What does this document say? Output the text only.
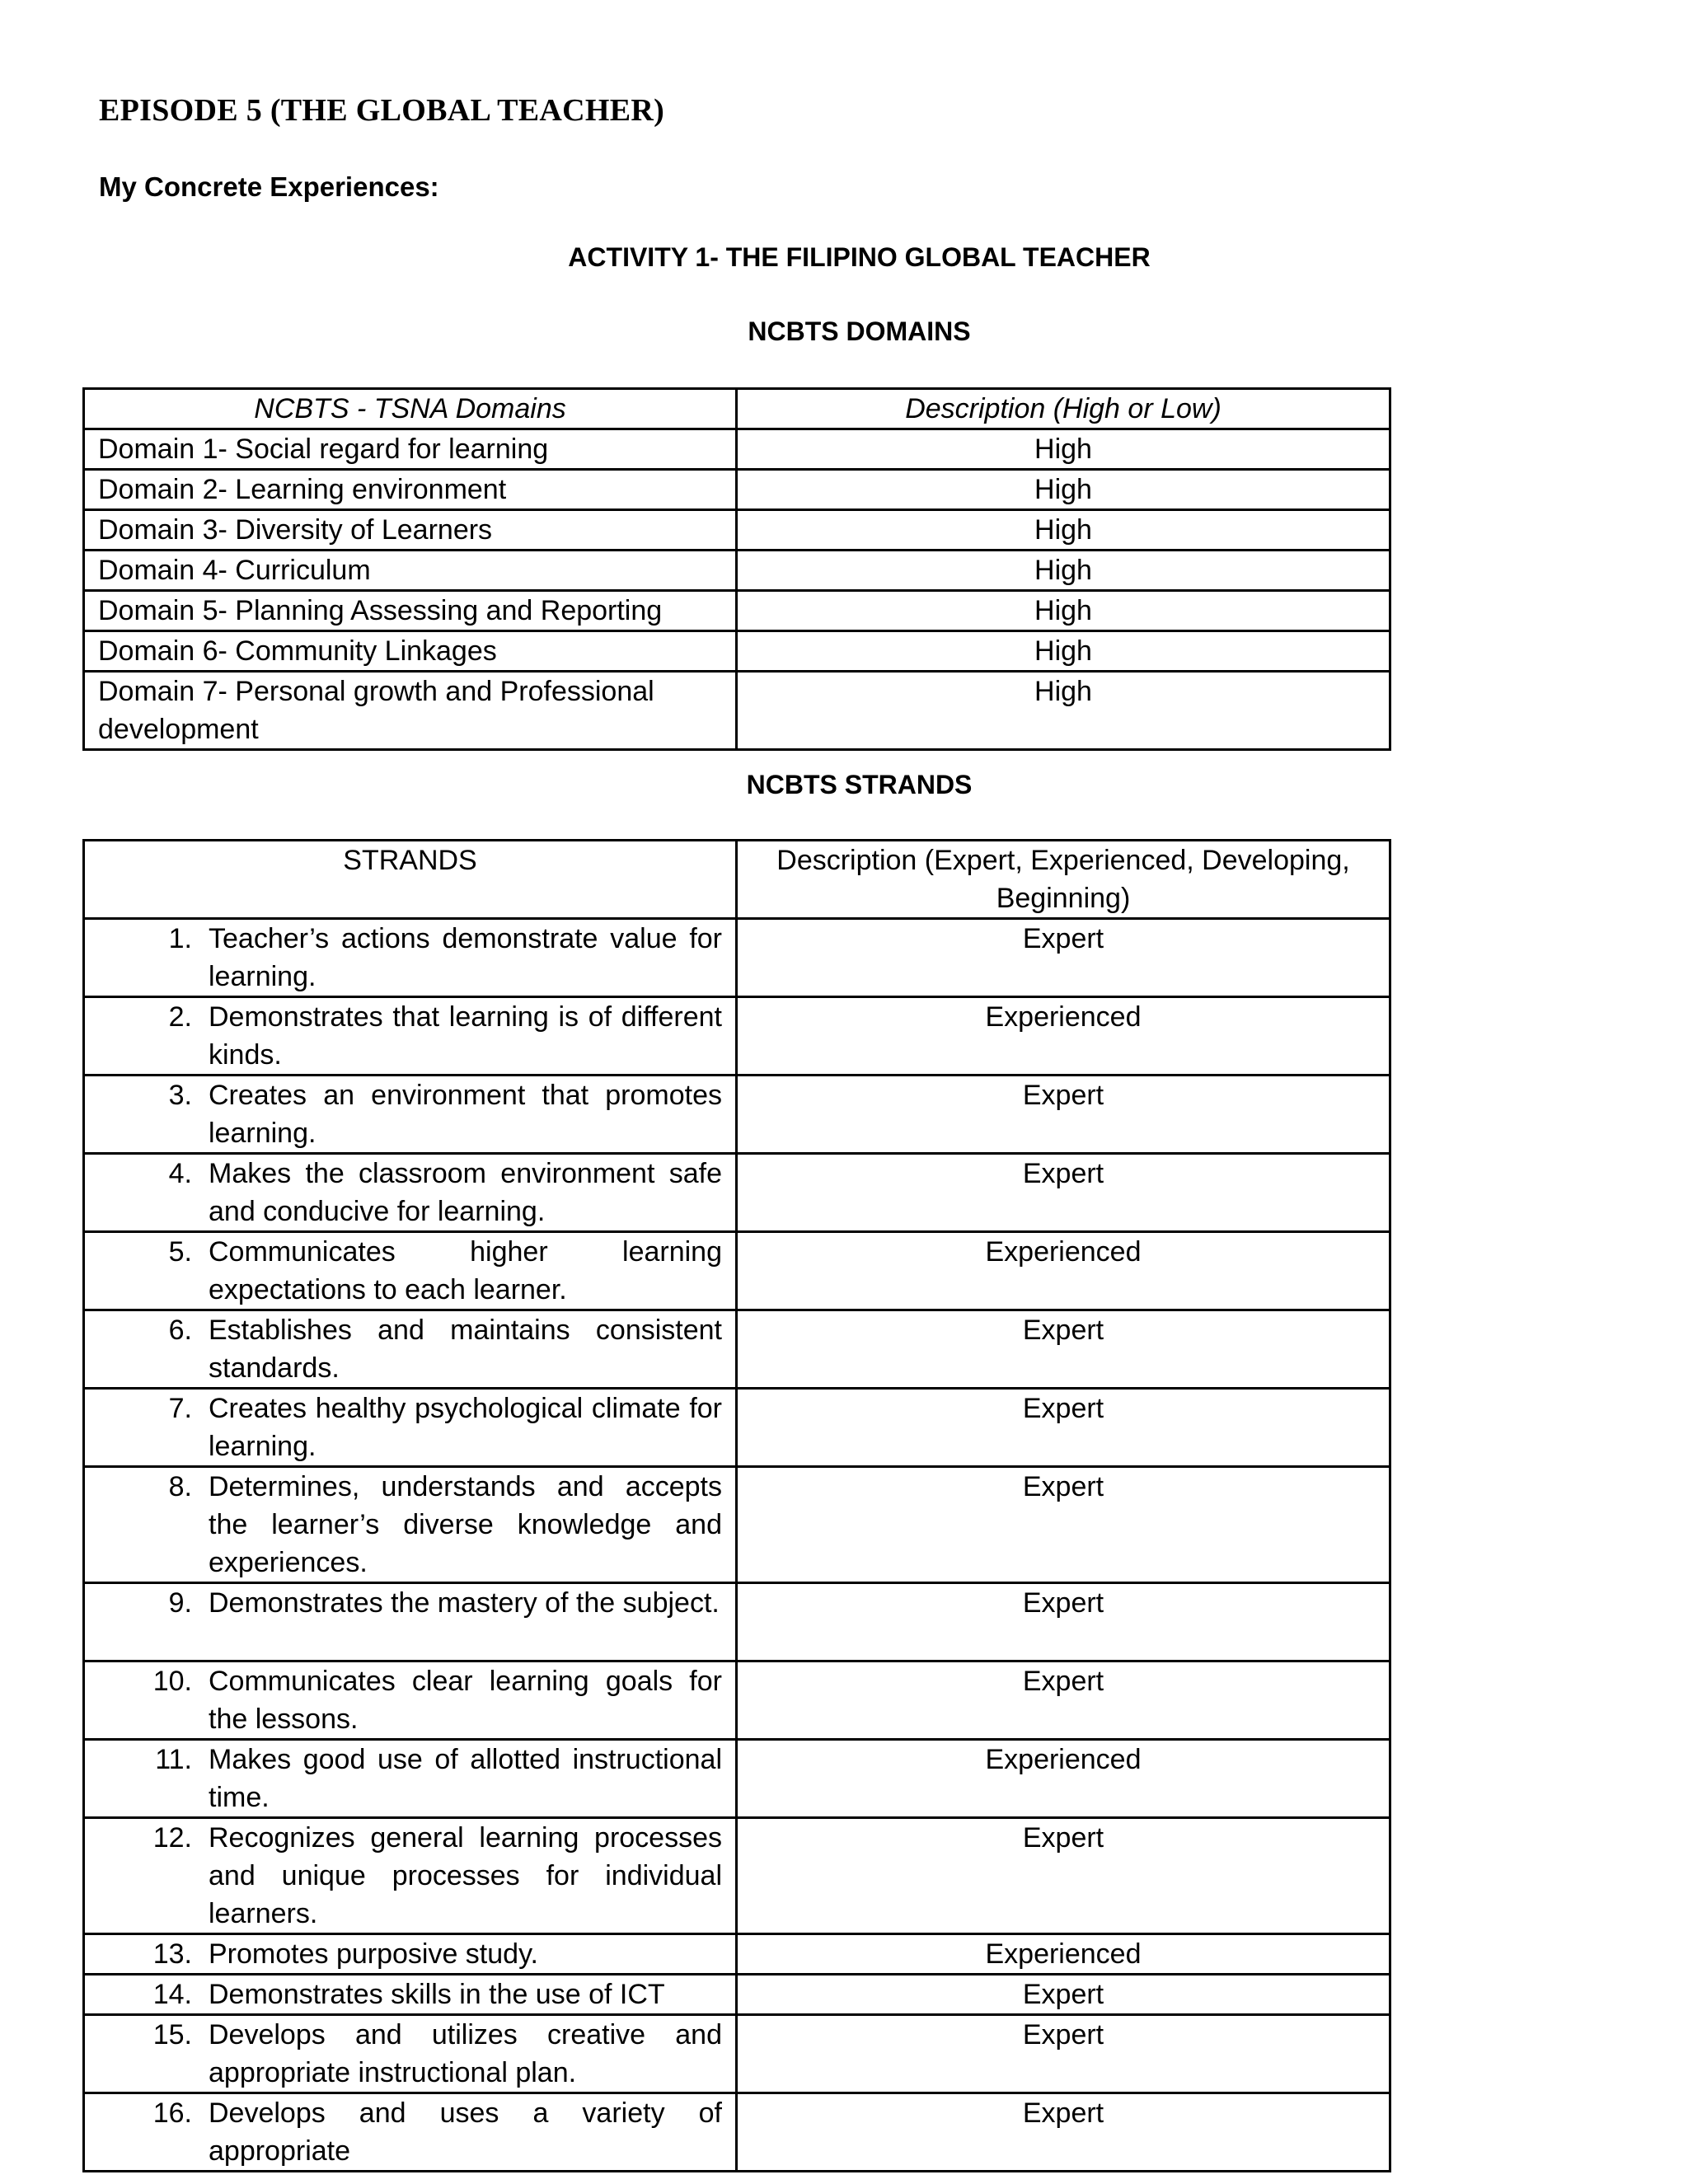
EPISODE 5 (THE GLOBAL TEACHER)
My Concrete Experiences:
ACTIVITY 1- THE FILIPINO GLOBAL TEACHER
NCBTS DOMAINS
NCBTS - TSNA Domains	Description (High or Low)
Domain 1- Social regard for learning	High
Domain 2- Learning environment	High
Domain 3- Diversity of Learners	High
Domain 4- Curriculum	High
Domain 5- Planning Assessing and Reporting	High
Domain 6- Community Linkages	High
Domain 7- Personal growth and Professional development	High
NCBTS STRANDS
STRANDS	Description (Expert, Experienced, Developing, Beginning)

1. Teacher’s actions demonstrate value for learning.	Expert

2. Demonstrates that learning is of different kinds.	Experienced

3. Creates an environment that promotes learning.	Expert

4. Makes the classroom environment safe and conducive for learning.	Expert

5. Communicates higher learning expectations to each learner.	Experienced

6. Establishes and maintains consistent standards.	Expert

7. Creates healthy psychological climate for learning.	Expert

8. Determines, understands and accepts the learner’s diverse knowledge and experiences.	Expert

9. Demonstrates the mastery of the subject.	Expert

10. Communicates clear learning goals for the lessons.	Expert

11. Makes good use of allotted instructional time.	Experienced

12. Recognizes general learning processes and unique processes for individual learners.	Expert

13. Promotes purposive study.	Experienced

14. Demonstrates skills in the use of ICT	Expert

15. Develops and utilizes creative and appropriate instructional plan.	Expert

16. Develops and uses a variety of appropriate	Expert
